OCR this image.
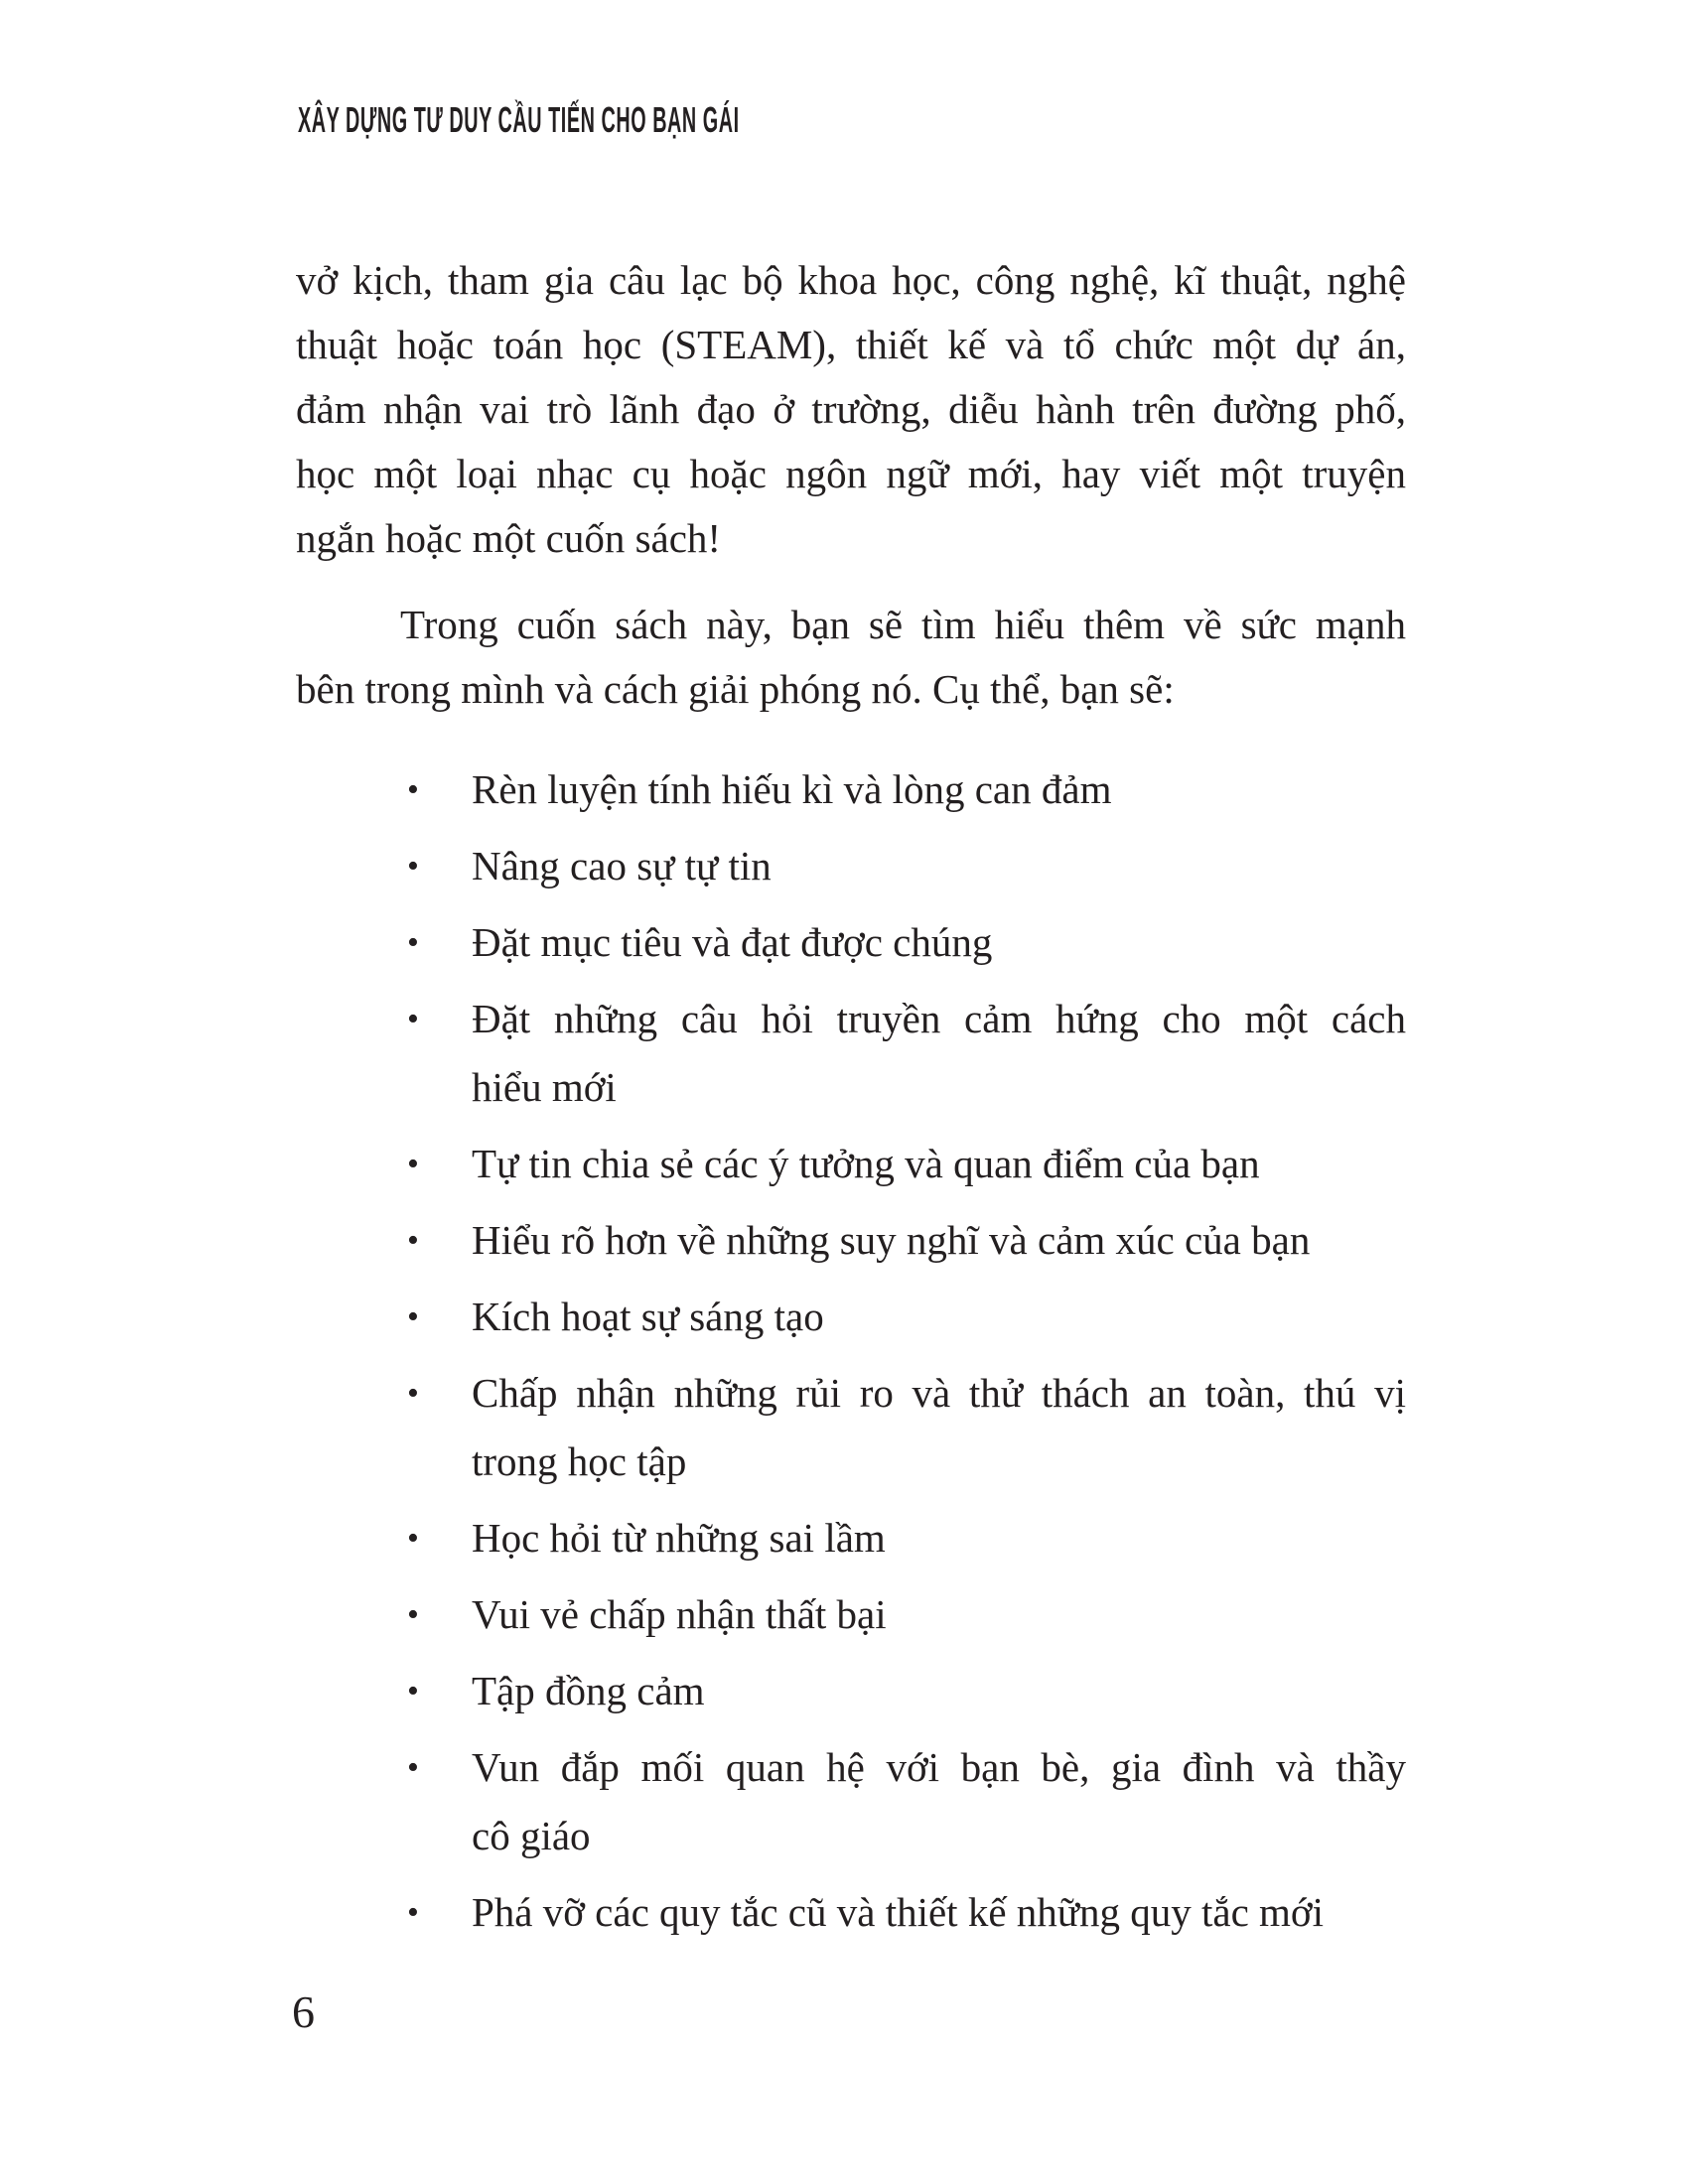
XÂY DỰNG TƯ DUY CẦU TIẾN CHO BẠN GÁI
vở kịch, tham gia câu lạc bộ khoa học, công nghệ, kĩ thuật, nghệ
thuật hoặc toán học (STEAM), thiết kế và tổ chức một dự án,
đảm nhận vai trò lãnh đạo ở trường, diễu hành trên đường phố,
học một loại nhạc cụ hoặc ngôn ngữ mới, hay viết một truyện
ngắn hoặc một cuốn sách!
Trong cuốn sách này, bạn sẽ tìm hiểu thêm về sức mạnh
bên trong mình và cách giải phóng nó. Cụ thể, bạn sẽ:
• Rèn luyện tính hiếu kì và lòng can đảm
• Nâng cao sự tự tin
• Đặt mục tiêu và đạt được chúng
• Đặt những câu hỏi truyền cảm hứng cho một cách
hiểu mới
• Tự tin chia sẻ các ý tưởng và quan điểm của bạn
• Hiểu rõ hơn về những suy nghĩ và cảm xúc của bạn
• Kích hoạt sự sáng tạo
• Chấp nhận những rủi ro và thử thách an toàn, thú vị
trong học tập
• Học hỏi từ những sai lầm
• Vui vẻ chấp nhận thất bại
• Tập đồng cảm
• Vun đắp mối quan hệ với bạn bè, gia đình và thầy
cô giáo
• Phá vỡ các quy tắc cũ và thiết kế những quy tắc mới
6
